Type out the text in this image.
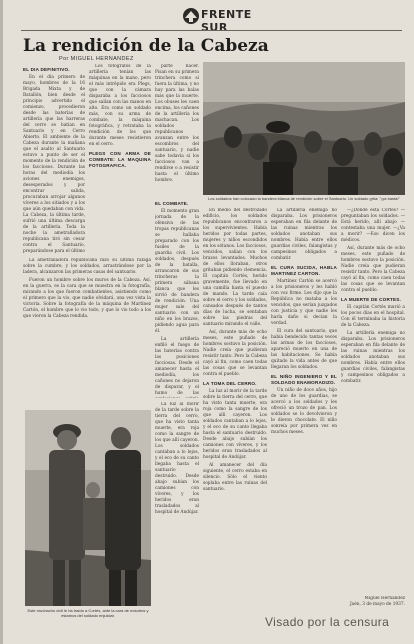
FRENTE SUR
La rendición de la Cabeza
Por MIGUEL HERNANDEZ
EL DIA DEFINITIVO.

En el día primero de mayo, hombres de la 16 Brigada Mixta y de Batallón, bien desde el principio advertido el comienzo, procedieron desde las baterías de artillería que las barreras del cerro se batían en Santuario y en Cerro Abierto. El ambiente de la Cabeza durante la mañana que el asalto al Santuario estuvo a punto de ser el momento de la rendición de los facciosos. Durante las horas del mediodía los aviones enemigos, desesperados y por encontrar salida, procuraban arrojar algunos víveres a los sitiados y a los que aún quedaban con vida. La Cabeza, la última tarde, sufrió una última descarga de la artillería. Toda la noche la ametralladora republicana tiró sin cesar contra el Santuario, preparándose para el último

Los fotógrafos de la artillería tenían las máquinas en la mano, pero el más intrépido era Plegs, que con la cámara disparaba a los facciosos que salían con las manos en alto. Era como un soldado más, con su arma de combate, la máquina fotográfica, y retrataba la rendición de los que durante meses resistieron en el cerro.

PLEGS CON ARMA DE COMBATE: LA MAQUINA FOTOGRAFICA.

parte hacer. Pisan en su primera trinchera como si fuera la última, y no hay para las balas más que la muerte. Los obuses les caen encima, los cañones de la artillería los machacan. Los soldados republicanos avanzan entre los escombros del santuario, y nadie sabe todavía si los facciosos van a rendirse o a resistir hasta el último hombre.

Los soldados han colocado la bandera blanca de rendición sobre el Santuario. Un soldado grita: "¡ya basta!"
EL COMBATE.

El momento gran jornada de la ofensiva de las tropas republicanas se hallaba preparado con los fusiles de la guardia civil. Los soldados, después de la batalla, arrancaron de sus trincheras la primera sábana blanca que les sirvió de bandera de rendición. Una mujer sale del santuario con un niño en los brazos, pidiendo agua para él.

La artillería enfiló el fuego de las baterías contra las posiciones facciosas. Desde el amanecer hasta el mediodía, los cañones no dejaron de disparar, y el humo de las

La ametralladora republicana hizo su última ráfaga sobre la cumbre, y los soldados, arrastrándose por la ladera, alcanzaron las primeras casas del santuario.

Fueron un hombre sobre los muros de la Cabeza. Así, en la guerra, es la cara que se muestra en la fotografía, mirando a los que fueron combatientes, asistiendo como el primero que la vio, que nadie olvidará, una vez vista la victoria. Sobre la fotografía de la máquina de Martínez Cartón, el hombre que lo vio todo, y que lo vio todo a los que vieron la Cabeza rendida.

En medio del destrozado edificio, los soldados republicanos encontraron a los supervivientes. Había heridos por todas partes, mujeres y niños escondidos en los sótanos. Los facciosos, vencidos, salían con los brazos levantados. Muchos de ellos lloraban, otros gritaban pidiendo clemencia. El capitán Cortés, herido gravemente, fue llevado en una camilla hasta el puesto de mando. La tarde caía sobre el cerro y los soldados, cansados después de tantos días de lucha, se sentaban sobre las piedras del santuario mirando el valle.

Así, durante más de ocho meses, este puñado de hombres sostuvo la posición. Nadie creía que pudieran resistir tanto. Pero la Cabeza cayó al fin, como caen todas las cosas que se levantan contra el pueblo.

LA TOMA DEL CERRO.

La luz al morir de la tarde sobre la tierra del cerro, que ha visto tanta muerte, era roja como la sangre de los que allí cayeron. Los soldados cantaban a lo lejos, y el eco de su canto llegaba hasta el santuario destruido. Desde abajo subían los camiones con víveres, y los heridos eran trasladados al hospital de Andújar.

Al amanecer del día siguiente, el cerro estaba en silencio. Sólo el viento soplaba entre las ruinas del santuario.

La artillería enemiga no disparaba. Los prisioneros esperaban en fila delante de las ruinas mientras los soldados anotaban sus nombres. Había entre ellos guardias civiles, falangistas y campesinos obligados a combatir.

EL CURA SUCIDA, HABLA MARTINEZ CARTON.

Martínez Cartón se acercó a los prisioneros y les habló con voz firme. Les dijo que la República no mataba a los vencidos, que serían juzgados con justicia y que nadie les haría daño si decían la verdad.

El cura del santuario, que había bendecido tantas veces las armas de los facciosos, apareció muerto en una de las habitaciones. Se había quitado la vida antes de que llegaran los soldados.

EL NIÑO INGENIERO Y EL SOLDADO ENAMORADIZO.

Un niño de doce años, hijo de uno de los guardias, se acercó a los soldados y les ofreció un trozo de pan. Los soldados se lo devolvieron y le dieron chocolate. El niño sonreía por primera vez en muchos meses.

—¿Dónde está Cortés? —preguntaban los soldados. —Está herido, allí abajo —contestaba una mujer. —¿Va a morir? —Eso dicen los médicos.

Así, durante más de ocho meses, este puñado de hombres sostuvo la posición. Nadie creía que pudieran resistir tanto. Pero la Cabeza cayó al fin, como caen todas las cosas que se levantan contra el pueblo.

LA MUERTE DE CORTES.

El capitán Cortés murió a los pocos días en el hospital. Con él terminaba la historia de la Cabeza.

La artillería enemiga no disparaba. Los prisioneros esperaban en fila delante de las ruinas mientras los soldados anotaban sus nombres. Había entre ellos guardias civiles, falangistas y campesinos obligados a combatir.

La luz al morir de la tarde sobre la tierra del cerro, que ha visto tanta muerte, era roja como la sangre de los que allí cayeron. Los soldados cantaban a lo lejos, y el eco de su canto llegaba hasta el santuario destruido. Desde abajo subían los camiones con víveres, y los heridos eran trasladados al hospital de Andújar.

Este muchacho civil le ha traído a Cortés, ante la cara de nosotros y estamos del soldado enjuiciar.
Miguel Hernández
Jaén, 3 de mayo de 1937.
Visado por la censura
